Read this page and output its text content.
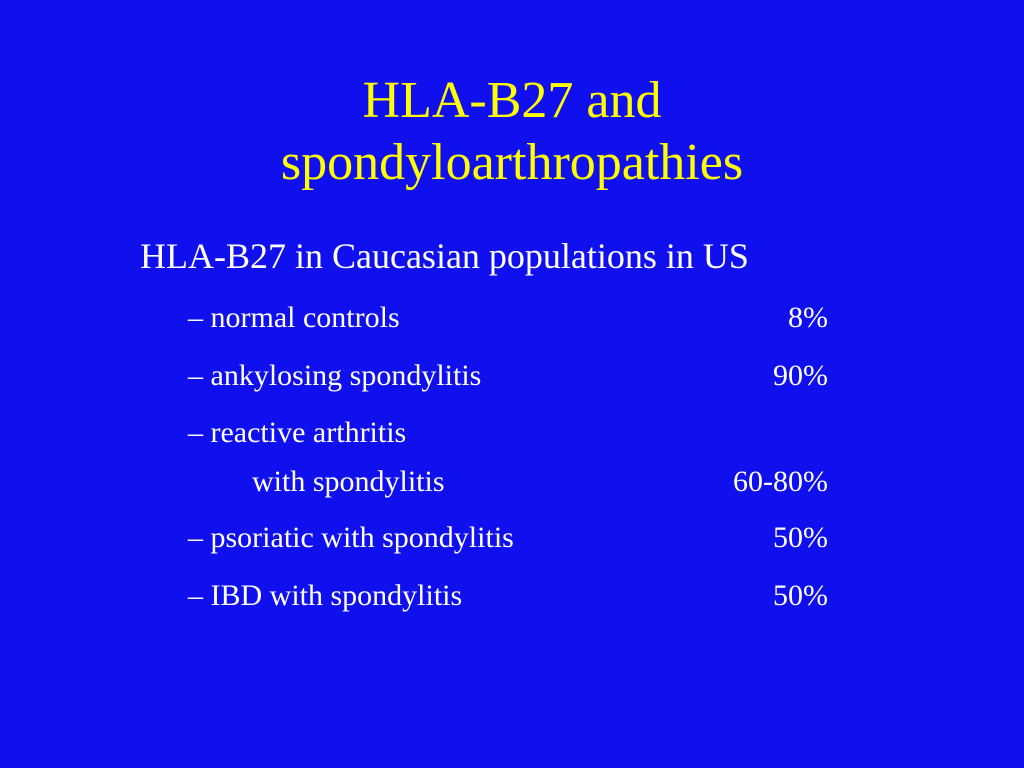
HLA-B27 and
spondyloarthropathies
HLA-B27 in Caucasian populations in US
– normal controls	8%
– ankylosing spondylitis	90%
– reactive arthritis
with spondylitis	60-80%
– psoriatic with spondylitis	50%
– IBD with spondylitis	50%
